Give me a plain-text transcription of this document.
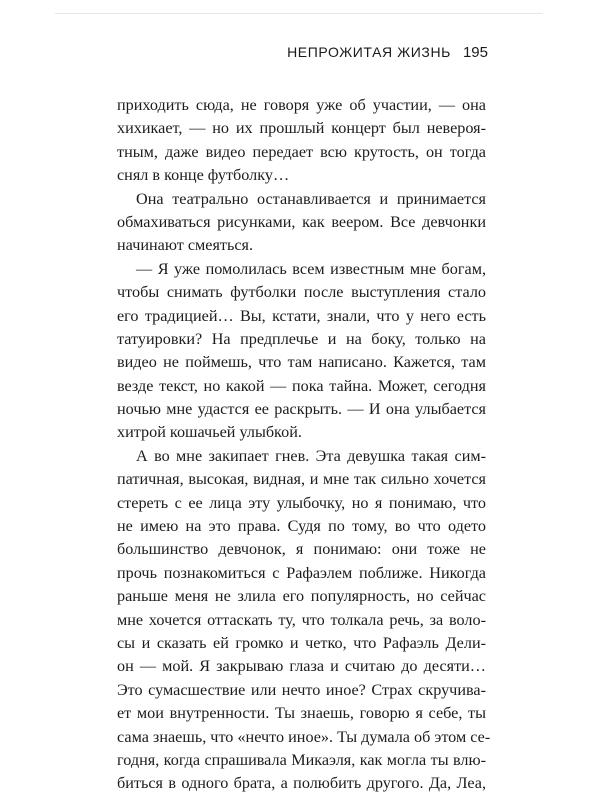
НЕПРОЖИТАЯ ЖИЗНЬ 195
приходить сюда, не говоря уже об участии, — она
хихикает, — но их прошлый концерт был невероя-
тным, даже видео передает всю крутость, он тогда
снял в конце футболку…
Она театрально останавливается и принимается
обмахиваться рисунками, как веером. Все девчонки
начинают смеяться.
— Я уже помолилась всем известным мне богам,
чтобы снимать футболки после выступления стало
его традицией… Вы, кстати, знали, что у него есть
татуировки? На предплечье и на боку, только на
видео не поймешь, что там написано. Кажется, там
везде текст, но какой — пока тайна. Может, сегодня
ночью мне удастся ее раскрыть. — И она улыбается
хитрой кошачьей улыбкой.
А во мне закипает гнев. Эта девушка такая сим-
патичная, высокая, видная, и мне так сильно хочется
стереть с ее лица эту улыбочку, но я понимаю, что
не имею на это права. Судя по тому, во что одето
большинство девчонок, я понимаю: они тоже не
прочь познакомиться с Рафаэлем поближе. Никогда
раньше меня не злила его популярность, но сейчас
мне хочется оттаскать ту, что толкала речь, за воло-
сы и сказать ей громко и четко, что Рафаэль Дели-
он — мой. Я закрываю глаза и считаю до десяти…
Это сумасшествие или нечто иное? Страх скручива-
ет мои внутренности. Ты знаешь, говорю я себе, ты
сама знаешь, что «нечто иное». Ты думала об этом се-
годня, когда спрашивала Микаэля, как могла ты влю-
биться в одного брата, а полюбить другого. Да, Леа,
